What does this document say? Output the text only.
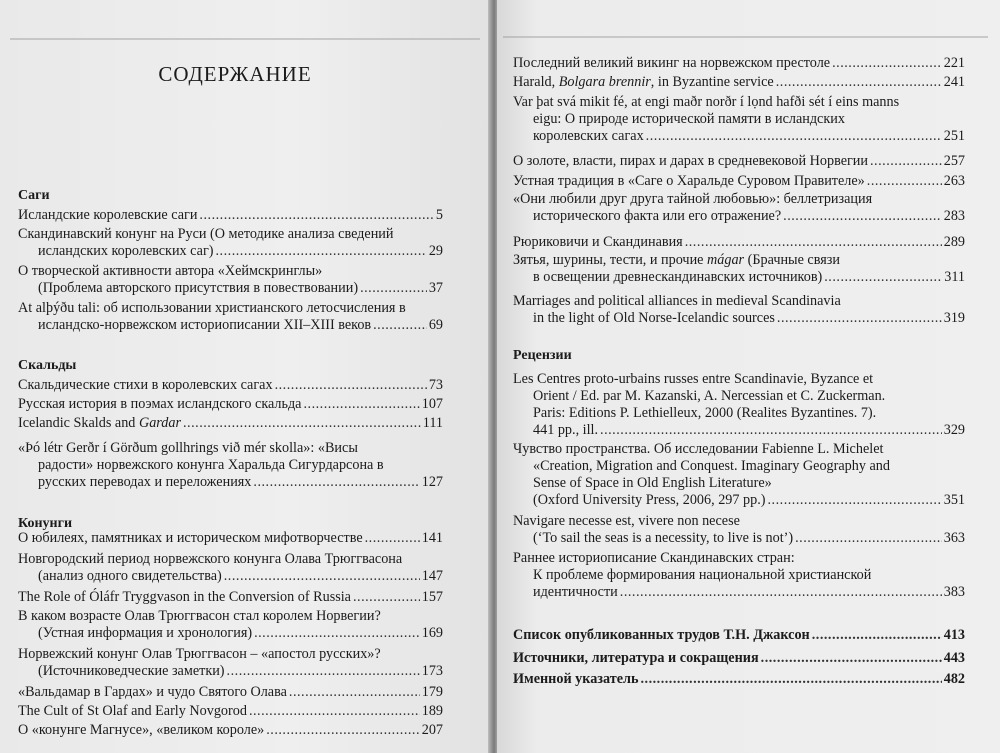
СОДЕРЖАНИЕ
Саги
Скальды
Конунги
Исландские королевские саги .....	5
Скандинавский конунг на Руси (О методике анализа сведений
исландских королевских саг) .....	29
О творческой активности автора «Хеймскринглы»
(Проблема авторского присутствия в повествовании) .....	37
At alþýðu tali: об использовании христианского летосчисления в
исландско-норвежском историописании XII–XIII веков .....	69
Скальдические стихи в королевских сагах .....	73
Русская история в поэмах исландского скальда .....	107
Icelandic Skalds and Gardar .....	111
«Þó létr Gerðr í Görðum gollhrings við mér skolla»: «Висы
радости» норвежского конунга Харальда Сигурдарсона в
русских переводах и переложениях .....	127
О юбилеях, памятниках и историческом мифотворчестве .....	141
Новгородский период норвежского конунга Олава Трюггвасона
(анализ одного свидетельства) .....	147
The Role of Óláfr Tryggvason in the Conversion of Russia .....	157
В каком возрасте Олав Трюггвасон стал королем Норвегии?
(Устная информация и хронология) .....	169
Норвежский конунг Олав Трюггвасон – «апостол русских»?
(Источниковедческие заметки) .....	173
«Вальдамар в Гардах» и чудо Святого Олава .....	179
The Cult of St Olaf and Early Novgorod .....	189
О «конунге Магнусе», «великом короле» .....	207
Рецензии
Последний великий викинг на норвежском престоле .....	221
Harald, Bolgara brennir, in Byzantine service .....	241
Var þat svá mikit fé, at engi maðr norðr í lọnd hafði sét í eins manns
eigu: О природе исторической памяти в исландских
королевских сагах .....	251
О золоте, власти, пирах и дарах в средневековой Норвегии .....	257
Устная традиция в «Саге о Харальде Суровом Правителе» .....	263
«Они любили друг друга тайной любовью»: беллетризация
исторического факта или его отражение? .....	283
Рюриковичи и Скандинавия .....	289
Зятья, шурины, тести, и прочие mágar (Брачные связи
в освещении древнескандинавских источников) .....	311
Marriages and political alliances in medieval Scandinavia
in the light of Old Norse-Icelandic sources .....	319
Les Centres proto-urbains russes entre Scandinavie, Byzance et
Orient / Ed. par M. Kazanski, A. Nercessian et C. Zuckerman.
Paris: Editions P. Lethielleux, 2000 (Realites Byzantines. 7).
441 pp., ill. .....	329
Чувство пространства. Об исследовании Fabienne L. Michelet
«Creation, Migration and Conquest. Imaginary Geography and
Sense of Space in Old English Literature»
(Oxford University Press, 2006, 297 pp.) .....	351
Navigare necesse est, vivere non necese
(‘To sail the seas is a necessity, to live is not’) .....	363
Раннее историописание Скандинавских стран:
К проблеме формирования национальной христианской
идентичности .....	383
Список опубликованных трудов Т.Н. Джаксон .....	413
Источники, литература и сокращения .....	443
Именной указатель .....	482
